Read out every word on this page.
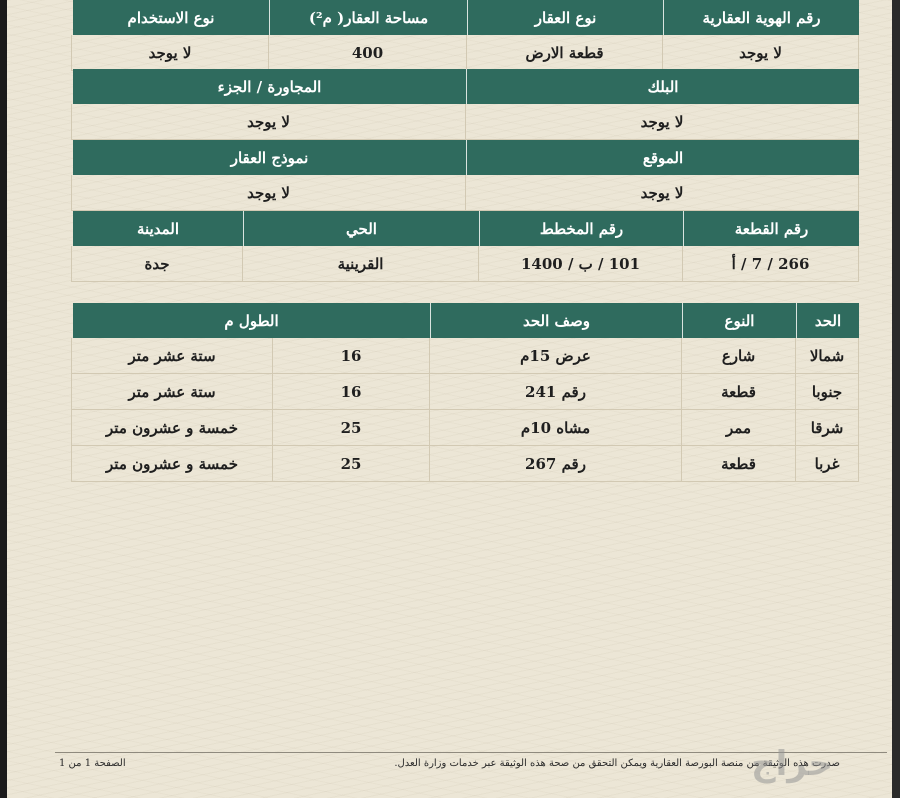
رقم الهوية العقارية
نوع العقار
مساحة العقار( م²)
نوع الاستخدام
لا يوجد
قطعة الارض
400
لا يوجد
البلك
المجاورة / الجزء
لا يوجد
لا يوجد
الموقع
نموذج العقار
لا يوجد
لا يوجد
رقم القطعة
رقم المخطط
الحي
المدينة
266 / 7 / أ
101 / ب / 1400
القرينية
جدة
الحد
النوع
وصف الحد
الطول م
شمالا
شارع
عرض 15م
16
ستة عشر متر
جنوبا
قطعة
رقم 241
16
ستة عشر متر
شرقا
ممر
مشاه 10م
25
خمسة و عشرون متر
غربا
قطعة
رقم 267
25
خمسة و عشرون متر
صدرت هذه الوثيقة من منصة البورصة العقارية ويمكن التحقق من صحة هذه الوثيقة عبر خدمات وزارة العدل.
الصفحة 1 من 1	حراج
